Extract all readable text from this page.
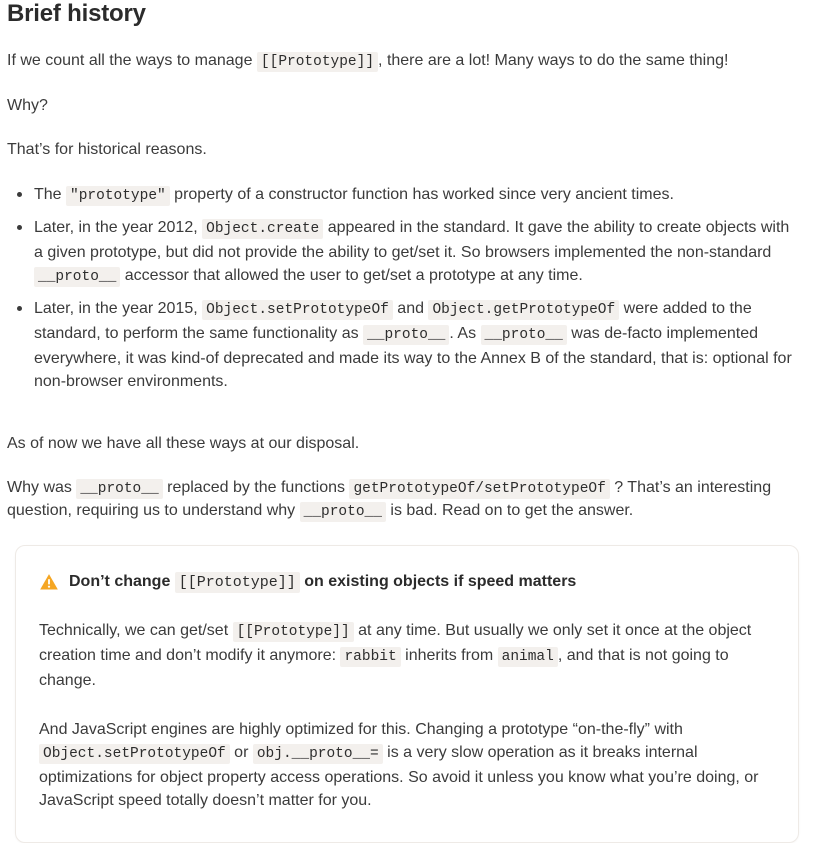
Brief history

If we count all the ways to manage [[Prototype]] , there are a lot! Many ways to do the same thing!

Why?

That’s for historical reasons.

The "prototype" property of a constructor function has worked since very ancient times.
Later, in the year 2012, Object.create appeared in the standard. It gave the ability to create objects with a given prototype, but did not provide the ability to get/set it. So browsers implemented the non-standard __proto__ accessor that allowed the user to get/set a prototype at any time.
Later, in the year 2015, Object.setPrototypeOf and Object.getPrototypeOf were added to the standard, to perform the same functionality as __proto__ . As __proto__ was de-facto implemented everywhere, it was kind-of deprecated and made its way to the Annex B of the standard, that is: optional for non-browser environments.

As of now we have all these ways at our disposal.

Why was __proto__ replaced by the functions getPrototypeOf/setPrototypeOf ? That’s an interesting question, requiring us to understand why __proto__ is bad. Read on to get the answer.

Don’t change [[Prototype]] on existing objects if speed matters

Technically, we can get/set [[Prototype]] at any time. But usually we only set it once at the object creation time and don’t modify it anymore: rabbit inherits from animal , and that is not going to change.

And JavaScript engines are highly optimized for this. Changing a prototype “on-the-fly” with Object.setPrototypeOf or obj.__proto__= is a very slow operation as it breaks internal optimizations for object property access operations. So avoid it unless you know what you’re doing, or JavaScript speed totally doesn’t matter for you.
